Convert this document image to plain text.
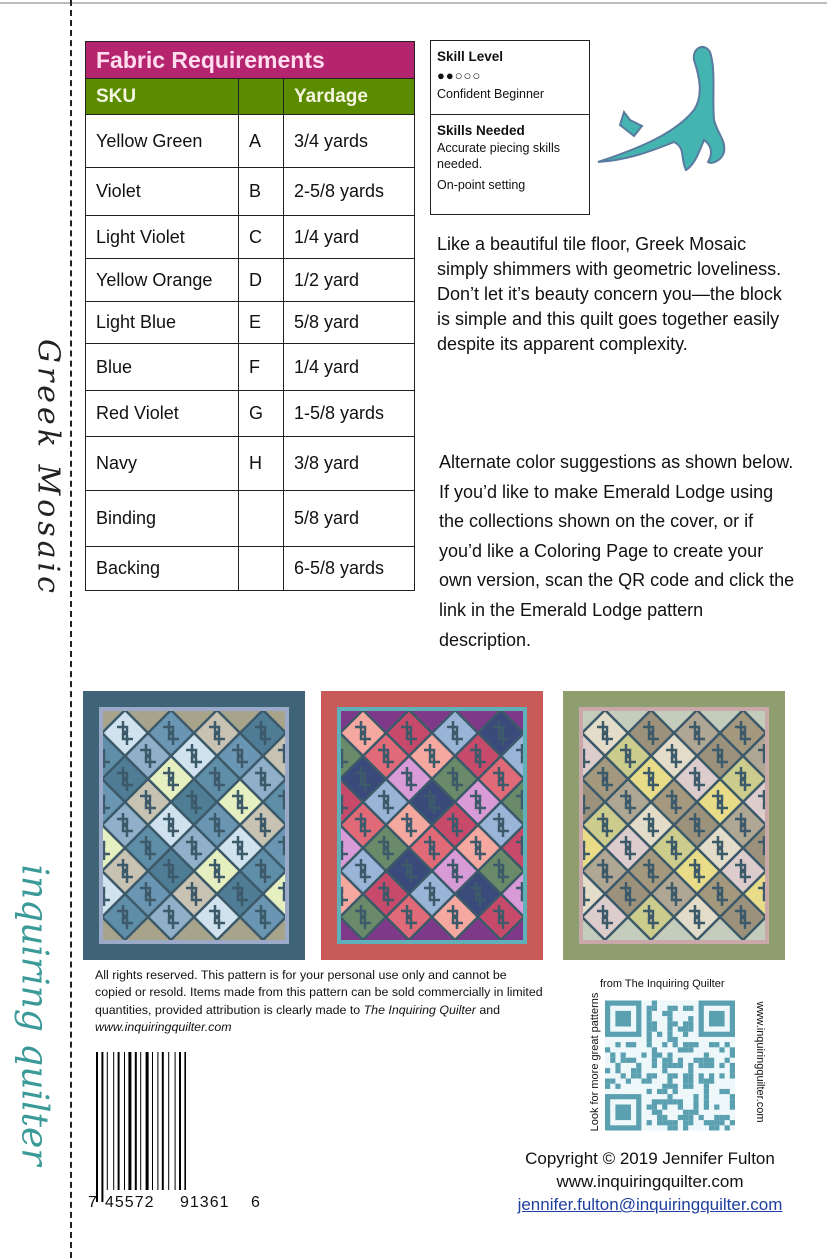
Greek Mosaic
inquiring quilter
Fabric Requirements		
SKU		Yardage
Yellow Green	A	3/4 yards
Violet	B	2-5/8 yards
Light Violet	C	1/4 yard
Yellow Orange	D	1/2 yard
Light Blue	E	5/8 yard
Blue	F	1/4 yard
Red Violet	G	1-5/8 yards
Navy	H	3/8 yard
Binding		5/8 yard
Backing		6-5/8 yards
Skill Level
●●○○○
Confident Beginner
Skills Needed
Accurate piecing skills needed.
On-point setting

Like a beautiful tile floor, Greek Mosaic simply shimmers with geometric loveliness. Don’t let it’s beauty concern you—the block is simple and this quilt goes together easily despite its apparent complexity.

Alternate color suggestions as shown below. If you’d like to make Emerald Lodge using the collections shown on the cover, or if you’d like a Coloring Page to create your own version, scan the QR code and click the link in the Emerald Lodge pattern description.

All rights reserved. This pattern is for your personal use only and cannot be copied or resold. Items made from this pattern can be sold commercially in limited quantities, provided attribution is clearly made to The Inquiring Quilter and www.inquiringquilter.com

7 45572 91361 6
from The Inquiring Quilter
Look for more great patterns	www.inquiringquilter.com
Copyright © 2019 Jennifer Fulton
www.inquiringquilter.com
jennifer.fulton@inquiringquilter.com
